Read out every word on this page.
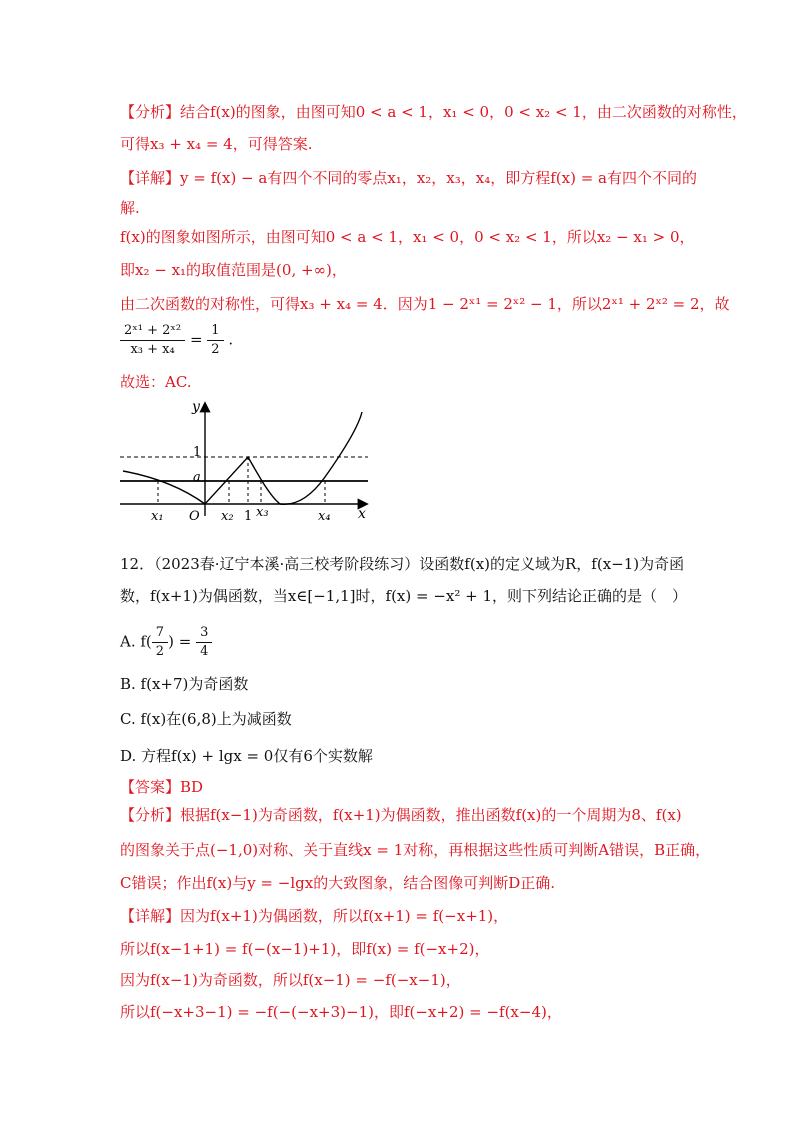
【分析】结合f(x)的图象，由图可知0 < a < 1，x₁ < 0，0 < x₂ < 1，由二次函数的对称性，
可得x₃ + x₄ = 4，可得答案.
【详解】y = f(x) − a有四个不同的零点x₁，x₂，x₃，x₄，即方程f(x) = a有四个不同的
解.
f(x)的图象如图所示，由图可知0 < a < 1，x₁ < 0，0 < x₂ < 1，所以x₂ − x₁ > 0，
即x₂ − x₁的取值范围是(0, +∞)，
由二次函数的对称性，可得x₃ + x₄ = 4．因为1 − 2ˣ¹ = 2ˣ² − 1，所以2ˣ¹ + 2ˣ² = 2，故
$\frac{\text{2ˣ¹ + 2ˣ²}}{\text{x₃ + x₄}} = \frac{1}{2}$ .
故选：AC.
y
x
O
1
a
x₁	x₂ 1 x₃	x₄
12．（2023春·辽宁本溪·高三校考阶段练习）设函数f(x)的定义域为R，f(x−1)为奇函
数，f(x+1)为偶函数，当x∈[−1,1]时，f(x) = −x² + 1，则下列结论正确的是（　）
A. $f( \frac{7}{2}$ ) = $\frac{3}{4}$
B. f(x+7)为奇函数
C. f(x)在(6,8)上为减函数
D. 方程f(x) + lgx = 0仅有6个实数解
【答案】BD
【分析】根据f(x−1)为奇函数，f(x+1)为偶函数，推出函数f(x)的一个周期为8、f(x)
的图象关于点(−1,0)对称、关于直线x = 1对称，再根据这些性质可判断A错误，B正确，
C错误；作出f(x)与y = −lgx的大致图象，结合图像可判断D正确.
【详解】因为f(x+1)为偶函数，所以f(x+1) = f(−x+1)，
所以f(x−1+1) = f(−(x−1)+1)，即f(x) = f(−x+2)，
因为f(x−1)为奇函数，所以f(x−1) = −f(−x−1)，
所以f(−x+3−1) = −f(−(−x+3)−1)，即f(−x+2) = −f(x−4)，
